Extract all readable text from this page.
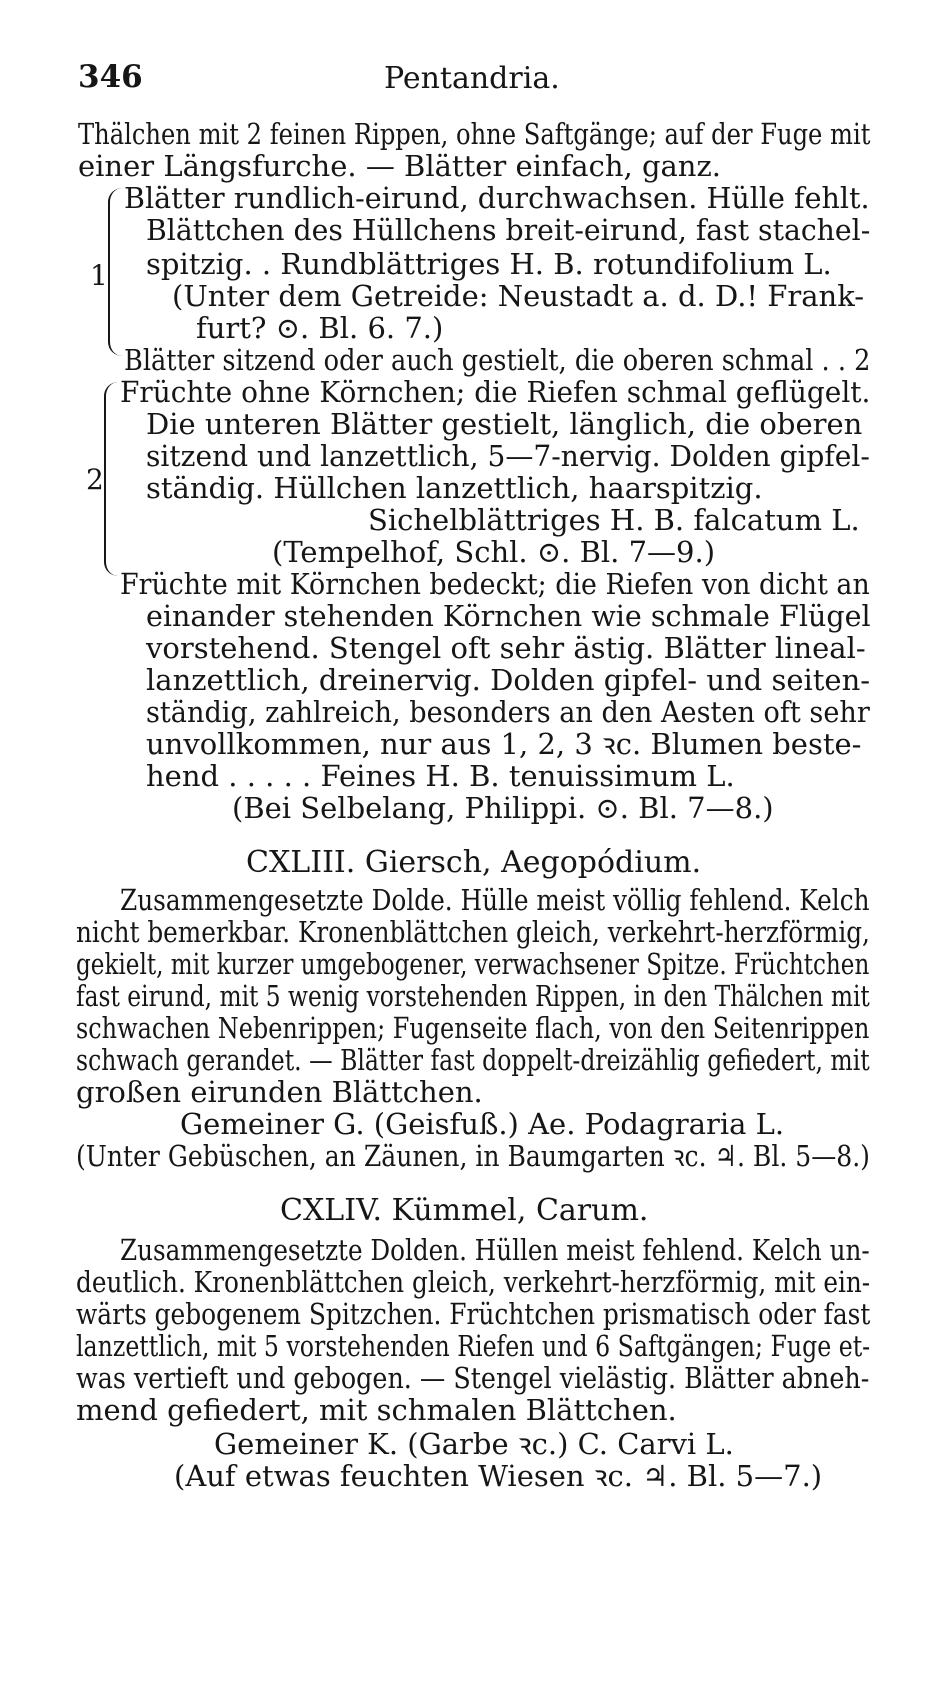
346	Pentandria.
Thälchen mit 2 feinen Rippen, ohne Saftgänge; auf der Fuge mit
einer Längsfurche. — Blätter einfach, ganz.
1
Blätter rundlich-eirund, durchwachsen. Hülle fehlt.
Blättchen des Hüllchens breit-eirund, fast stachel-
spitzig. . Rundblättriges H. B. rotundifolium L.
(Unter dem Getreide: Neustadt a. d. D.! Frank-
furt? ⊙. Bl. 6. 7.)
Blätter sitzend oder auch gestielt, die oberen schmal . . 2
2
Früchte ohne Körnchen; die Riefen schmal geflügelt.
Die unteren Blätter gestielt, länglich, die oberen
sitzend und lanzettlich, 5—7-nervig. Dolden gipfel-
ständig. Hüllchen lanzettlich, haarspitzig.
Sichelblättriges H. B. falcatum L.
(Tempelhof, Schl. ⊙. Bl. 7—9.)
Früchte mit Körnchen bedeckt; die Riefen von dicht an
einander stehenden Körnchen wie schmale Flügel
vorstehend. Stengel oft sehr ästig. Blätter lineal-
lanzettlich, dreinervig. Dolden gipfel- und seiten-
ständig, zahlreich, besonders an den Aesten oft sehr
unvollkommen, nur aus 1, 2, 3 ꝛc. Blumen beste-
hend . . . . . Feines H. B. tenuissimum L.
(Bei Selbelang, Philippi. ⊙. Bl. 7—8.)
CXLIII. Giersch, Aegopódium.
Zusammengesetzte Dolde. Hülle meist völlig fehlend. Kelch
nicht bemerkbar. Kronenblättchen gleich, verkehrt-herzförmig,
gekielt, mit kurzer umgebogener, verwachsener Spitze. Früchtchen
fast eirund, mit 5 wenig vorstehenden Rippen, in den Thälchen mit
schwachen Nebenrippen; Fugenseite flach, von den Seitenrippen
schwach gerandet. — Blätter fast doppelt-dreizählig gefiedert, mit
großen eirunden Blättchen.
Gemeiner G. (Geisfuß.) Ae. Podagraria L.
(Unter Gebüschen, an Zäunen, in Baumgarten ꝛc. ♃. Bl. 5—8.)
CXLIV. Kümmel, Carum.
Zusammengesetzte Dolden. Hüllen meist fehlend. Kelch un-
deutlich. Kronenblättchen gleich, verkehrt-herzförmig, mit ein-
wärts gebogenem Spitzchen. Früchtchen prismatisch oder fast
lanzettlich, mit 5 vorstehenden Riefen und 6 Saftgängen; Fuge et-
was vertieft und gebogen. — Stengel vielästig. Blätter abneh-
mend gefiedert, mit schmalen Blättchen.
Gemeiner K. (Garbe ꝛc.) C. Carvi L.
(Auf etwas feuchten Wiesen ꝛc. ♃. Bl. 5—7.)
